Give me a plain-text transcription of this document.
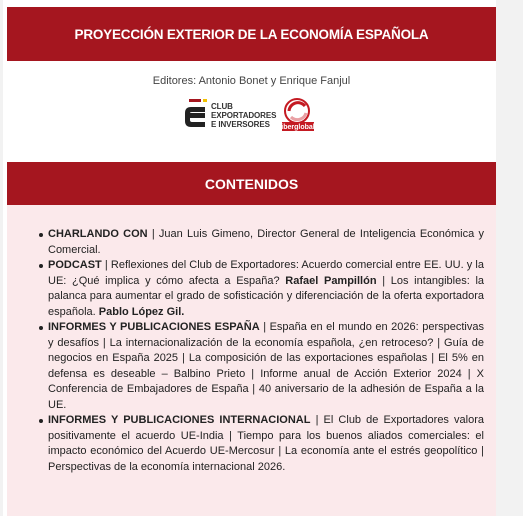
PROYECCIÓN EXTERIOR DE LA ECONOMÍA ESPAÑOLA
Editores: Antonio Bonet y Enrique Fanjul
CLUB
EXPORTADORES
E INVERSORES	iberglobal
CONTENIDOS
CHARLANDO CON | Juan Luis Gimeno, Director General de Inteligencia Económica y Comercial.
PODCAST | Reflexiones del Club de Exportadores: Acuerdo comercial entre EE. UU. y la UE: ¿Qué implica y cómo afecta a España? Rafael Pampillón | Los intangibles: la palanca para aumentar el grado de sofisticación y diferenciación de la oferta exportadora española. Pablo López Gil.
INFORMES Y PUBLICACIONES ESPAÑA | España en el mundo en 2026: perspectivas y desafíos | La internacionalización de la economía española, ¿en retroceso? | Guía de negocios en España 2025 | La composición de las exportaciones españolas | El 5% en defensa es deseable – Balbino Prieto | Informe anual de Acción Exterior 2024 | X Conferencia de Embajadores de España | 40 aniversario de la adhesión de España a la UE.
INFORMES Y PUBLICACIONES INTERNACIONAL | El Club de Exportadores valora positivamente el acuerdo UE-India | Tiempo para los buenos aliados comerciales: el impacto económico del Acuerdo UE-Mercosur | La economía ante el estrés geopolítico | Perspectivas de la economía internacional 2026.
